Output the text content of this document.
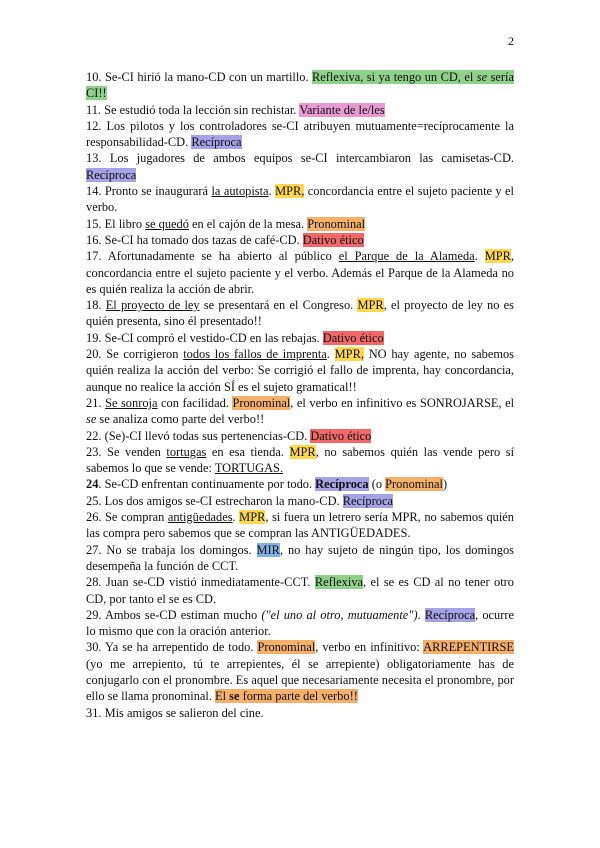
2

10. Se-CI hirió la mano-CD con un martillo. Reflexiva, si ya tengo un CD, el se sería CI!!

11. Se estudió toda la lección sin rechistar. Variante de le/les

12. Los pilotos y los controladores se-CI atribuyen mutuamente=recíprocamente la responsabilidad-CD. Recíproca

13. Los jugadores de ambos equipos se-CI intercambiaron las camisetas-CD. Recíproca

14. Pronto se inaugurará la autopista. MPR, concordancia entre el sujeto paciente y el verbo.

15. El libro se quedó en el cajón de la mesa. Pronominal

16. Se-CI ha tomado dos tazas de café-CD. Dativo ético

17. Afortunadamente se ha abierto al público el Parque de la Alameda. MPR, concordancia entre el sujeto paciente y el verbo. Además el Parque de la Alameda no es quién realiza la acción de abrir.

18. El proyecto de ley se presentará en el Congreso. MPR, el proyecto de ley no es quién presenta, sino él presentado!!

19. Se-CI compró el vestido-CD en las rebajas. Dativo ético

20. Se corrigieron todos los fallos de imprenta. MPR, NO hay agente, no sabemos quién realiza la acción del verbo: Se corrigió el fallo de imprenta, hay concordancia, aunque no realice la acción SÍ es el sujeto gramatical!!

21. Se sonroja con facilidad. Pronominal, el verbo en infinitivo es SONROJARSE, el se se analiza como parte del verbo!!

22. (Se)-CI llevó todas sus pertenencias-CD. Dativo ético

23. Se venden tortugas en esa tienda. MPR, no sabemos quién las vende pero sí sabemos lo que se vende: TORTUGAS.

24. Se-CD enfrentan continuamente por todo. Recíproca (o Pronominal)

25. Los dos amigos se-CI estrecharon la mano-CD. Recíproca

26. Se compran antigüedades. MPR, si fuera un letrero sería MPR, no sabemos quién las compra pero sabemos que se compran las ANTIGÜEDADES.

27. No se trabaja los domingos. MIR, no hay sujeto de ningún tipo, los domingos desempeña la función de CCT.

28. Juan se-CD vistió inmediatamente-CCT. Reflexiva, el se es CD al no tener otro CD, por tanto el se es CD.

29. Ambos se-CD estiman mucho ("el uno al otro, mutuamente"). Recíproca, ocurre lo mismo que con la oración anterior.

30. Ya se ha arrepentido de todo. Pronominal, verbo en infinitivo: ARREPENTIRSE (yo me arrepiento, tú te arrepientes, él se arrepiente) obligatoriamente has de conjugarlo con el pronombre. Es aquel que necesariamente necesita el pronombre, por ello se llama pronominal. El se forma parte del verbo!!

31. Mis amigos se salieron del cine.
